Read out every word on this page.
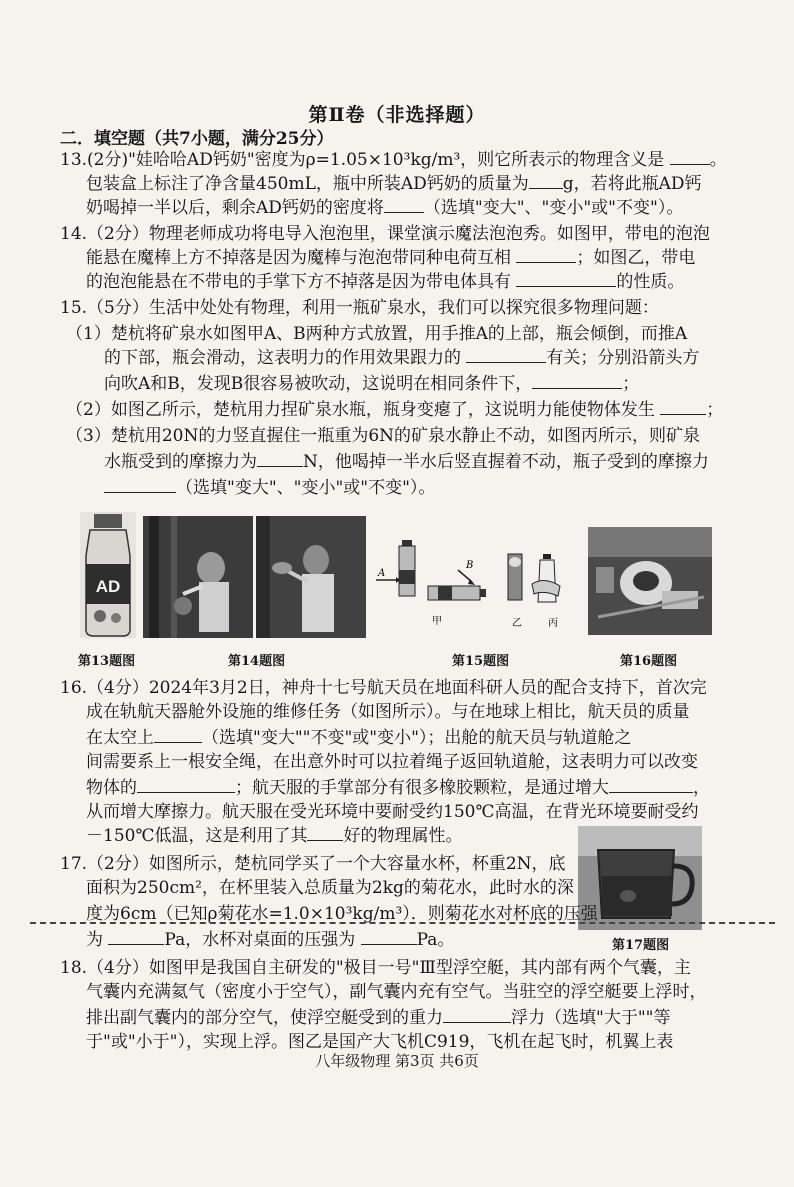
第Ⅱ卷（非选择题）
二．填空题（共7小题，满分25分）
13.(2分)"娃哈哈AD钙奶"密度为ρ=1.05×10³kg/m³，则它所表示的物理含义是	。
包装盒上标注了净含量450mL，瓶中所装AD钙奶的质量为 g，若将此瓶AD钙
奶喝掉一半以后，剩余AD钙奶的密度将 （选填"变大"、"变小"或"不变"）。
14.（2分）物理老师成功将电导入泡泡里，课堂演示魔法泡泡秀。如图甲，带电的泡泡
能悬在魔棒上方不掉落是因为魔棒与泡泡带同种电荷互相	；如图乙，带电
的泡泡能悬在不带电的手掌下方不掉落是因为带电体具有	的性质。
15.（5分）生活中处处有物理，利用一瓶矿泉水，我们可以探究很多物理问题：
（1）楚杭将矿泉水如图甲A、B两种方式放置，用手推A的上部，瓶会倾倒，而推A
的下部，瓶会滑动，这表明力的作用效果跟力的	有关；分别沿箭头方
向吹A和B，发现B很容易被吹动，这说明在相同条件下，	；
（2）如图乙所示，楚杭用力捏矿泉水瓶，瓶身变瘪了，这说明力能使物体发生	；
（3）楚杭用20N的力竖直握住一瓶重为6N的矿泉水静止不动，如图丙所示，则矿泉
水瓶受到的摩擦力为	N，他喝掉一半水后竖直握着不动，瓶子受到的摩擦力
（选填"变大"、"变小"或"不变"）。
AD
A
B
甲	乙	丙
第13题图	第14题图	第15题图	第16题图
16.（4分）2024年3月2日，神舟十七号航天员在地面科研人员的配合支持下，首次完
成在轨航天器舱外设施的维修任务（如图所示）。与在地球上相比，航天员的质量
在太空上	（选填"变大""不变"或"变小"）；出舱的航天员与轨道舱之
间需要系上一根安全绳，在出意外时可以拉着绳子返回轨道舱，这表明力可以改变
物体的	；航天服的手掌部分有很多橡胶颗粒，是通过增大	，
从而增大摩擦力。航天服在受光环境中要耐受约150℃高温，在背光环境要耐受约
－150℃低温，这是利用了其 好的物理属性。
17.（2分）如图所示，楚杭同学买了一个大容量水杯，杯重2N，底
面积为250cm²，在杯里装入总质量为2kg的菊花水，此时水的深
度为6cm（已知ρ菊花水=1.0×10³kg/m³）．则菊花水对杯底的压强
为	Pa，水杯对桌面的压强为	Pa。	第17题图
18.（4分）如图甲是我国自主研发的"极目一号"Ⅲ型浮空艇，其内部有两个气囊，主
气囊内充满氦气（密度小于空气），副气囊内充有空气。当驻空的浮空艇要上浮时，
排出副气囊内的部分空气，使浮空艇受到的重力	浮力（选填"大于""等
于"或"小于"），实现上浮。图乙是国产大飞机C919，飞机在起飞时，机翼上表
八年级物理 第3页 共6页
